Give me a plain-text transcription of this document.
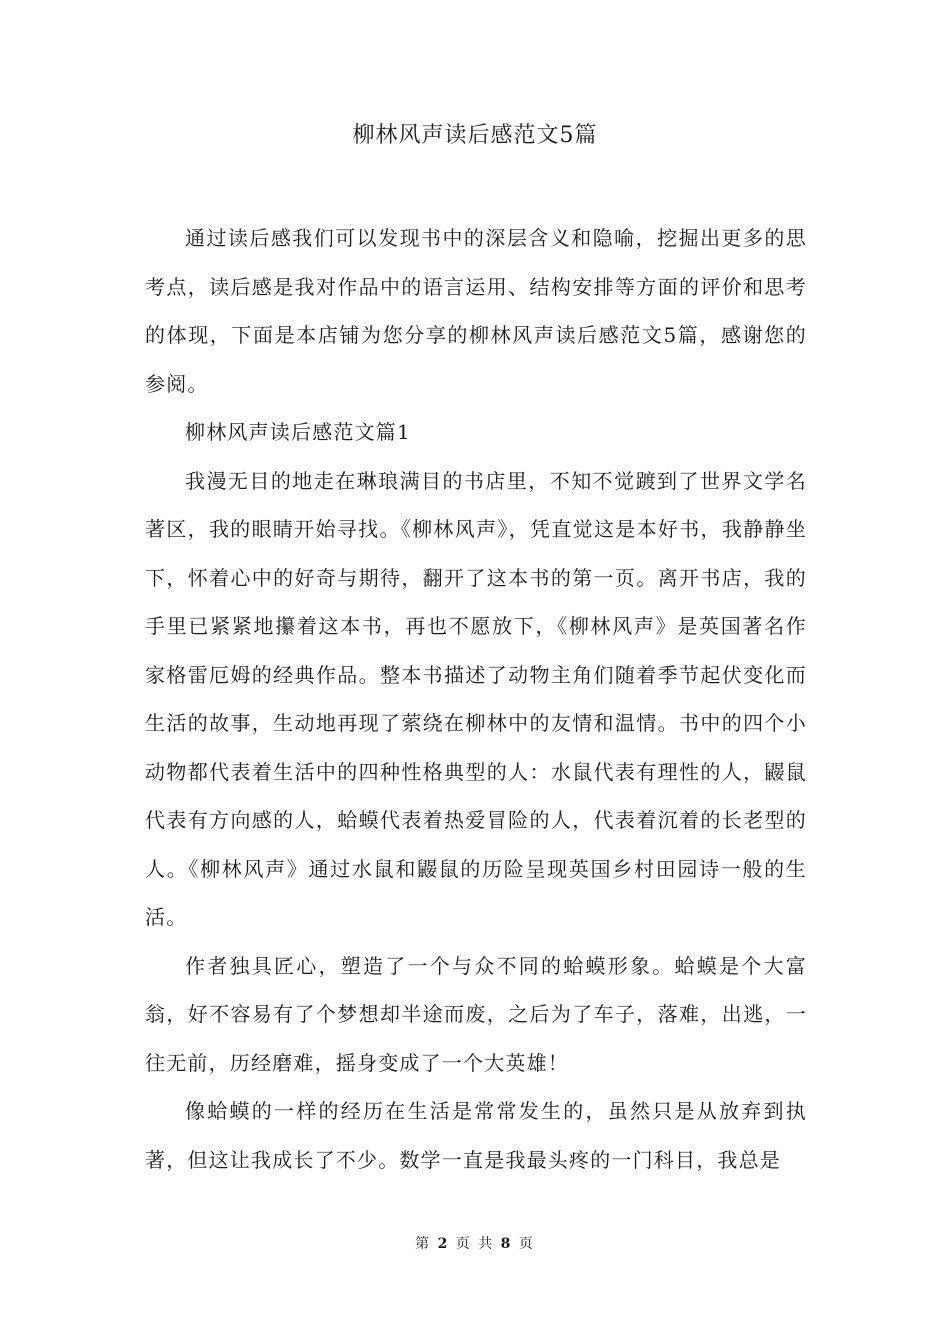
柳林风声读后感范文5篇

通过读后感我们可以发现书中的深层含义和隐喻，挖掘出更多的思考点，读后感是我对作品中的语言运用、结构安排等方面的评价和思考的体现，下面是本店铺为您分享的柳林风声读后感范文5篇，感谢您的参阅。

柳林风声读后感范文篇1

我漫无目的地走在琳琅满目的书店里，不知不觉踱到了世界文学名著区，我的眼睛开始寻找。《柳林风声》，凭直觉这是本好书，我静静坐下，怀着心中的好奇与期待，翻开了这本书的第一页。离开书店，我的手里已紧紧地攥着这本书，再也不愿放下，《柳林风声》是英国著名作家格雷厄姆的经典作品。整本书描述了动物主角们随着季节起伏变化而生活的故事，生动地再现了萦绕在柳林中的友情和温情。书中的四个小动物都代表着生活中的四种性格典型的人：水鼠代表有理性的人，鼹鼠代表有方向感的人，蛤蟆代表着热爱冒险的人，代表着沉着的长老型的人。《柳林风声》通过水鼠和鼹鼠的历险呈现英国乡村田园诗一般的生活。

作者独具匠心，塑造了一个与众不同的蛤蟆形象。蛤蟆是个大富翁，好不容易有了个梦想却半途而废，之后为了车子，落难，出逃，一往无前，历经磨难，摇身变成了一个大英雄！

像蛤蟆的一样的经历在生活是常常发生的，虽然只是从放弃到执著，但这让我成长了不少。数学一直是我最头疼的一门科目，我总是

第 2 页 共 8 页
